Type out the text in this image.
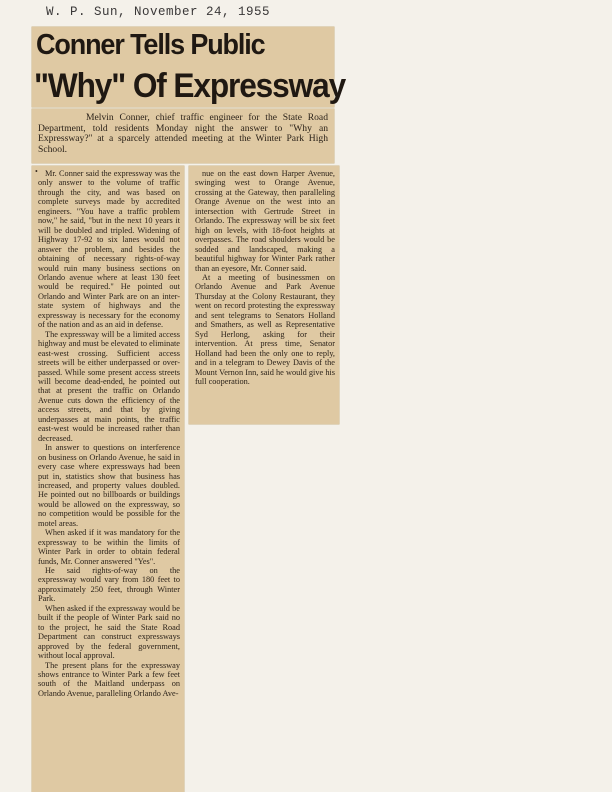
W. P. Sun, November 24, 1955
Conner Tells Public
"Why" Of Expressway
Melvin Conner, chief traffic engineer for the State Road Department, told residents Monday night the answer to "Why an Expressway?" at a sparcely attended meeting at the Winter Park High School.
• Mr. Conner said the expressway was the only answer to the volume of traffic through the city, and was based on complete surveys made by accredited engineers. "You have a traffic problem now," he said, "but in the next 10 years it will be doubled and tripled. Widening of Highway 17-92 to six lanes would not answer the problem, and besides the obtaining of necessary rights-of-way would ruin many business sections on Orlando avenue where at least 130 feet would be required." He pointed out Orlando and Winter Park are on an inter-state system of highways and the expressway is necessary for the economy of the nation and as an aid in defense.

The expressway will be a limited access highway and must be elevated to eliminate east-west crossing. Sufficient access streets will be either underpassed or over-passed. While some present access streets will become dead-ended, he pointed out that at present the traffic on Orlando Avenue cuts down the efficiency of the access streets, and that by giving underpasses at main points, the traffic east-west would be increased rather than decreased.

In answer to questions on interference on business on Orlando Avenue, he said in every case where expressways had been put in, statistics show that business has increased, and property values doubled. He pointed out no billboards or buildings would be allowed on the expressway, so no competition would be possible for the motel areas.

When asked if it was mandatory for the expressway to be within the limits of Winter Park in order to obtain federal funds, Mr. Conner answered "Yes".

He said rights-of-way on the expressway would vary from 180 feet to approximately 250 feet, through Winter Park.

When asked if the expressway would be built if the people of Winter Park said no to the project, he said the State Road Department can construct expressways approved by the federal government, without local approval.

The present plans for the expressway shows entrance to Winter Park a few feet south of the Maitland underpass on Orlando Avenue, paralleling Orlando Ave-

nue on the east down Harper Avenue, swinging west to Orange Avenue, crossing at the Gateway, then paralleling Orange Avenue on the west into an intersection with Gertrude Street in Orlando. The expressway will be six feet high on levels, with 18-foot heights at overpasses. The road shoulders would be sodded and landscaped, making a beautiful highway for Winter Park rather than an eyesore, Mr. Conner said.

At a meeting of businessmen on Orlando Avenue and Park Avenue Thursday at the Colony Restaurant, they went on record protesting the expressway and sent telegrams to Senators Holland and Smathers, as well as Representative Syd Herlong, asking for their intervention. At press time, Senator Holland had been the only one to reply, and in a telegram to Dewey Davis of the Mount Vernon Inn, said he would give his full cooperation.
